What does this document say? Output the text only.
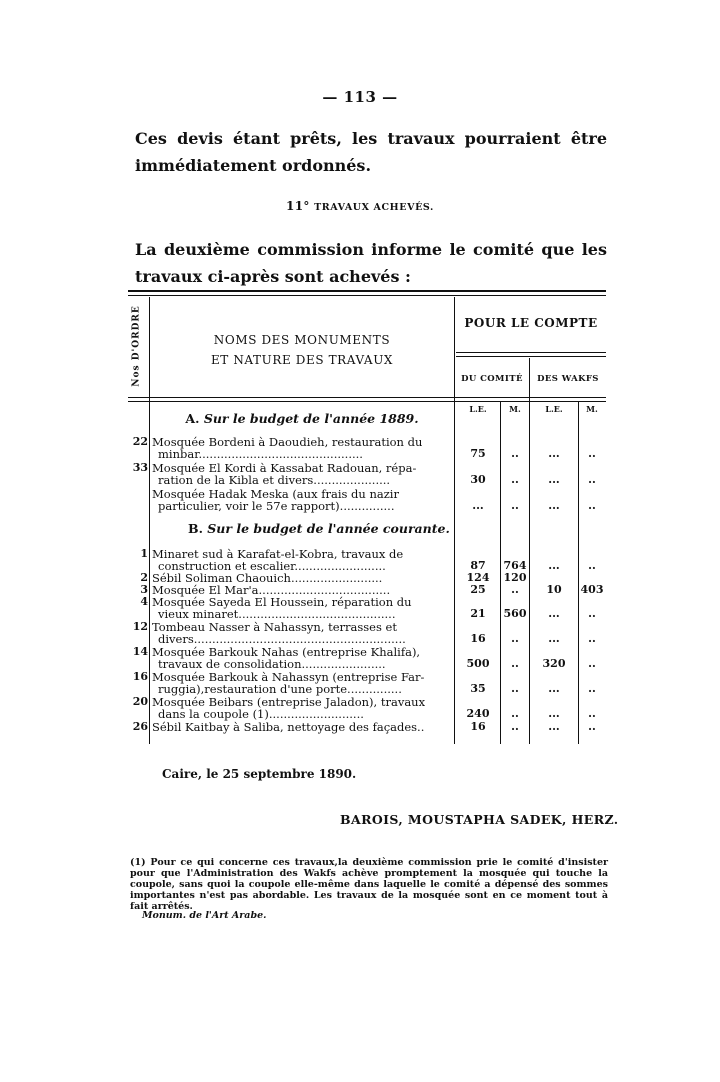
— 113 —
Ces devis étant prêts, les travaux pourraient être immédiatement ordonnés.
11° TRAVAUX ACHEVÉS.
La deuxième commission informe le comité que les travaux ci-après sont achevés :
Nos D'ORDRE	NOMS DES MONUMENTS
ET NATURE DES TRAVAUX
POUR LE COMPTE
DU COMITÉ	DES WAKFS
L.E.	M.	L.E.	M.
A. Sur le budget de l'année 1889.
22 Mosquée Bordeni à Daoudieh, restauration du
minbar.............................................	75	..	...	..
33 Mosquée El Kordi à Kassabat Radouan, répa-
ration de la Kibla et divers.....................	30	..	...	..
Mosquée Hadak Meska (aux frais du nazir
particulier, voir le 57e rapport)...............	...	..	...	..
B. Sur le budget de l'année courante.
1 Minaret sud à Karafat-el-Kobra, travaux de
construction et escalier.........................	87	764	...	..
2 Sébil Soliman Chaouich.........................	124	120
3 Mosquée El Mar'a....................................	25	..	10	403
4 Mosquée Sayeda El Houssein, réparation du
vieux minaret...........................................	21	560	...	..
12 Tombeau Nasser à Nahassyn, terrasses et
divers..........................................................	16	..	...	..
14 Mosquée Barkouk Nahas (entreprise Khalifa),
travaux de consolidation.......................	500	..	320	..
16 Mosquée Barkouk à Nahassyn (entreprise Far-
ruggia),restauration d'une porte...............	35	..	...	..
20 Mosquée Beibars (entreprise Jaladon), travaux
dans la coupole (1)..........................	240	..	...	..
26 Sébil Kaitbay à Saliba, nettoyage des façades..	16	..	...	..
Caire, le 25 septembre 1890.
BAROIS, MOUSTAPHA SADEK, HERZ.
(1) Pour ce qui concerne ces travaux,la deuxième commission prie le comité d'insister pour que l'Administration des Wakfs achève promptement la mosquée qui touche la coupole, sans quoi la coupole elle-même dans laquelle le comité a dépensé des sommes importantes n'est pas abordable. Les travaux de la mosquée sont en ce moment tout à fait arrêtés.
Monum. de l'Art Arabe.
